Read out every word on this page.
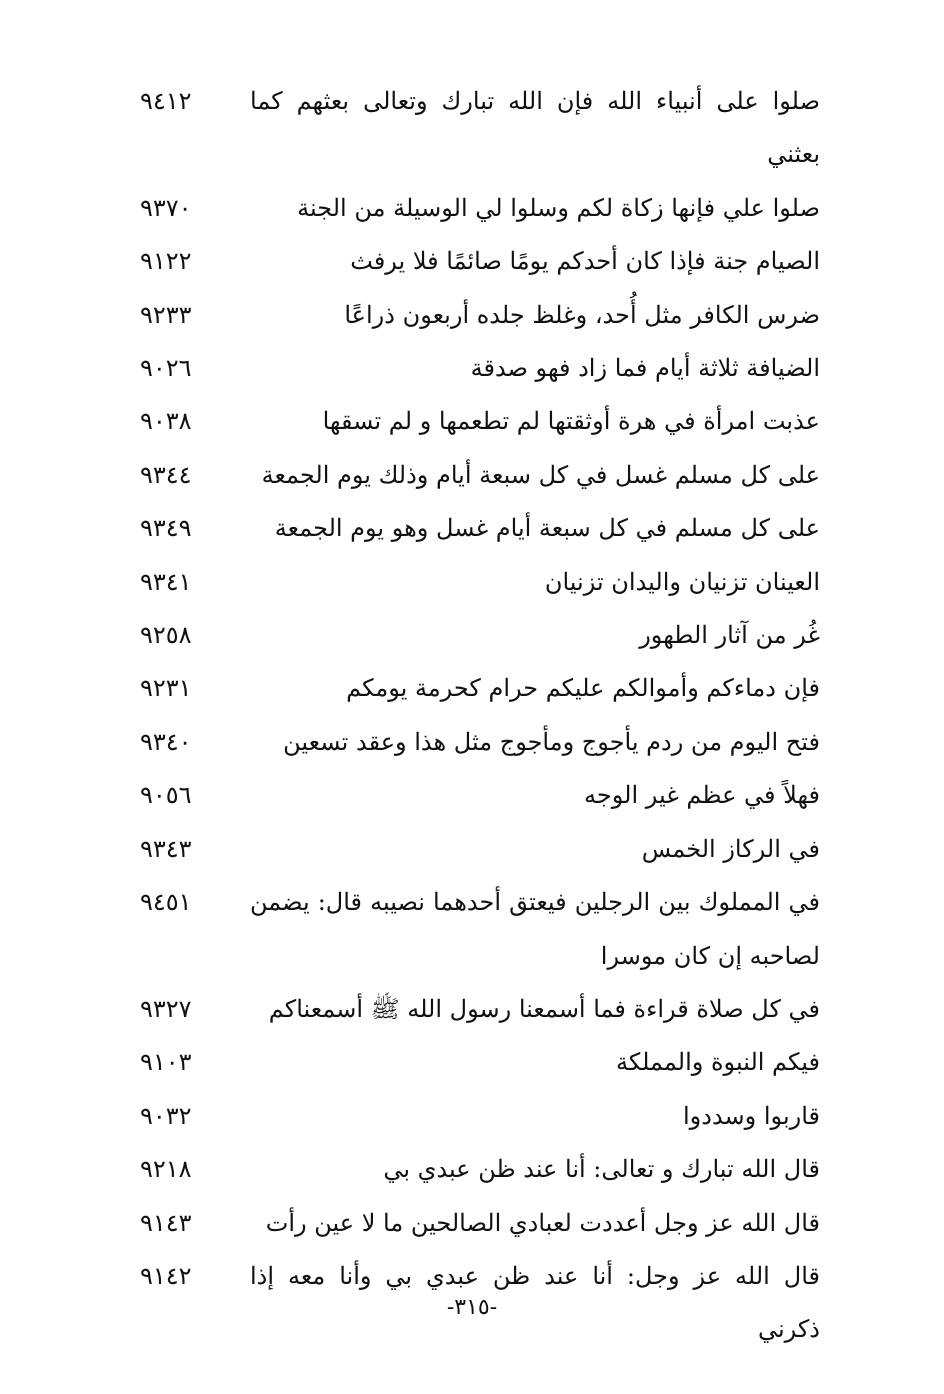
صلوا على أنبياء الله فإن الله تبارك وتعالى بعثهم كما بعثني
٩٤١٢
صلوا علي فإنها زكاة لكم وسلوا لي الوسيلة من الجنة
٩٣٧٠
الصيام جنة فإذا كان أحدكم يومًا صائمًا فلا يرفث
٩١٢٢
ضرس الكافر مثل أُحد، وغلظ جلده أربعون ذراعًا
٩٢٣٣
الضيافة ثلاثة أيام فما زاد فهو صدقة
٩٠٢٦
عذبت امرأة في هرة أوثقتها لم تطعمها و لم تسقها
٩٠٣٨
على كل مسلم غسل في كل سبعة أيام وذلك يوم الجمعة
٩٣٤٤
على كل مسلم في كل سبعة أيام غسل وهو يوم الجمعة
٩٣٤٩
العينان تزنيان واليدان تزنيان
٩٣٤١
غُر من آثار الطهور
٩٢٥٨
فإن دماءكم وأموالكم عليكم حرام كحرمة يومكم
٩٢٣١
فتح اليوم من ردم يأجوج ومأجوج مثل هذا وعقد تسعين
٩٣٤٠
فهلاً في عظم غير الوجه
٩٠٥٦
في الركاز الخمس
٩٣٤٣
في المملوك بين الرجلين فيعتق أحدهما نصيبه قال: يضمن لصاحبه إن كان موسرا
٩٤٥١
في كل صلاة قراءة فما أسمعنا رسول الله ﷺ أسمعناكم
٩٣٢٧
فيكم النبوة والمملكة
٩١٠٣
قاربوا وسددوا
٩٠٣٢
قال الله تبارك و تعالى: أنا عند ظن عبدي بي
٩٢١٨
قال الله عز وجل أعددت لعبادي الصالحين ما لا عين رأت
٩١٤٣
قال الله عز وجل: أنا عند ظن عبدي بي وأنا معه إذا ذكرني
٩١٤٢
-٣١٥-
